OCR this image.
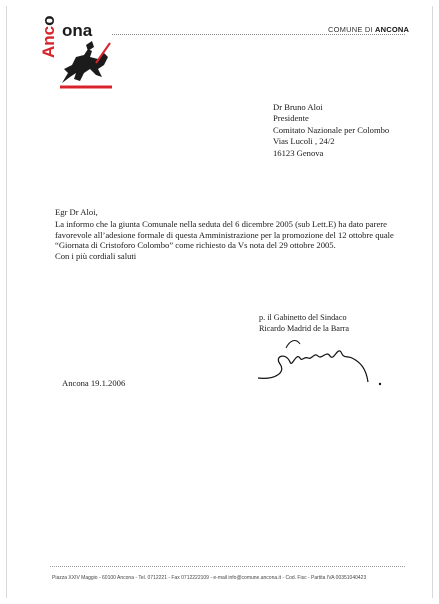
ona
Anco
COMUNE DI ANCONA
Dr Bruno Aloi
Presidente
Comitato Nazionale per Colombo
Vias Lucoli , 24/2
16123 Genova

Egr Dr Aloi,

La informo che la giunta Comunale nella seduta del 6 dicembre 2005 (sub Lett.E) ha dato parere

favorevole all’adesione formale di questa Amministrazione per la promozione del 12 ottobre quale

“Giornata di Cristoforo Colombo” come richiesto da Vs nota del 29 ottobre 2005.

Con i più cordiali saluti

p. il Gabinetto del Sindaco
Ricardo Madrid de la Barra
Ancona 19.1.2006
Piazza XXIV Maggio - 60100 Ancona - Tel. 0712221 - Fax 0712222109 - e-mail info@comune.ancona.it - Cod. Fisc - Partita IVA 00351040423
